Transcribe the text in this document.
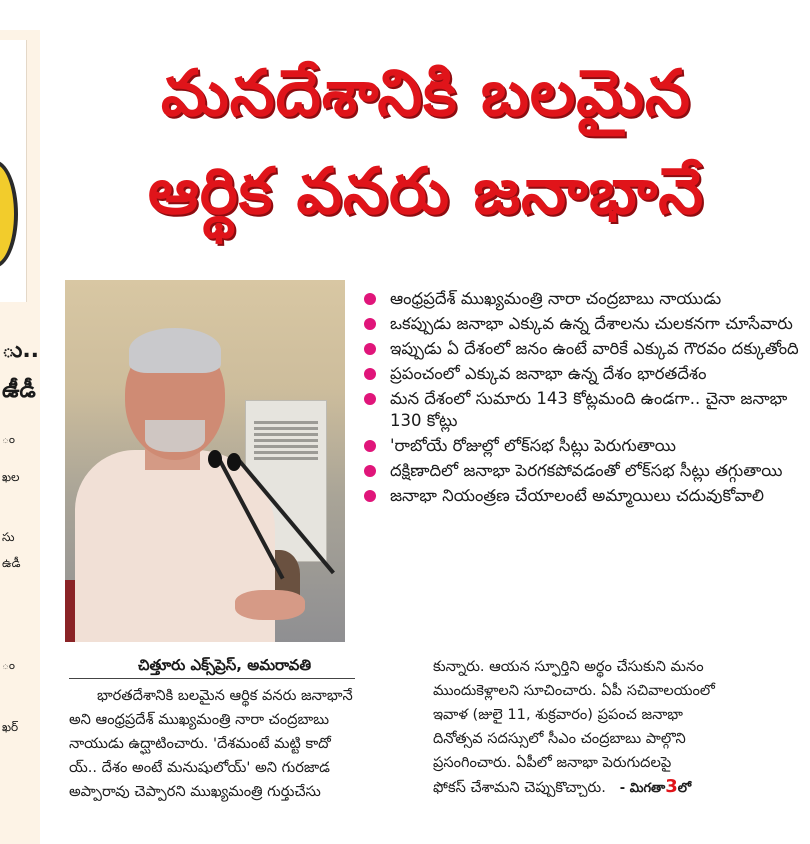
ు..
ఉీడీ
ం
ఖల
సు
ఉడీ
ం
ఖర్
మనదేశానికి బలమైన
ఆర్థిక వనరు జనాభానే
ఆంధ్రప్రదేశ్ ముఖ్యమంత్రి నారా చంద్రబాబు నాయుడు
ఒకప్పుడు జనాభా ఎక్కువ ఉన్న దేశాలను చులకనగా చూసేవారు
ఇప్పుడు ఏ దేశంలో జనం ఉంటే వారికే ఎక్కువ గౌరవం దక్కుతోంది
ప్రపంచంలో ఎక్కువ జనాభా ఉన్న దేశం భారతదేశం
మన దేశంలో సుమారు 143 కోట్లమంది ఉండగా.. చైనా జనాభా 130 కోట్లు
'రాబోయే రోజుల్లో లోక్‌సభ సీట్లు పెరుగుతాయి
దక్షిణాదిలో జనాభా పెరగకపోవడంతో లోక్‌సభ సీట్లు తగ్గుతాయి
జనాభా నియంత్రణ చేయాలంటే అమ్మాయిలు చదువుకోవాలి
చిత్తూరు ఎక్స్‌ప్రెస్, అమరావతి
భారతదేశానికి బలమైన ఆర్థిక వనరు జనాభానే
అని ఆంధ్రప్రదేశ్ ముఖ్యమంత్రి నారా చంద్రబాబు
నాయుడు ఉద్ఘాటించారు. 'దేశమంటే మట్టి కాదో
య్.. దేశం అంటే మనుషులోయ్' అని గురజాడ
అప్పారావు చెప్పారని ముఖ్యమంత్రి గుర్తుచేసు
కున్నారు. ఆయన స్ఫూర్తిని అర్థం చేసుకుని మనం
ముందుకెళ్లాలని సూచించారు. ఏపీ సచివాలయంలో
ఇవాళ (జులై 11, శుక్రవారం) ప్రపంచ జనాభా
దినోత్సవ సదస్సులో సీఎం చంద్రబాబు పాల్గొని
ప్రసంగించారు. ఏపీలో జనాభా పెరుగుదలపై
ఫోకస్ చేశామని చెప్పుకొచ్చారు. - మిగతా3లో
